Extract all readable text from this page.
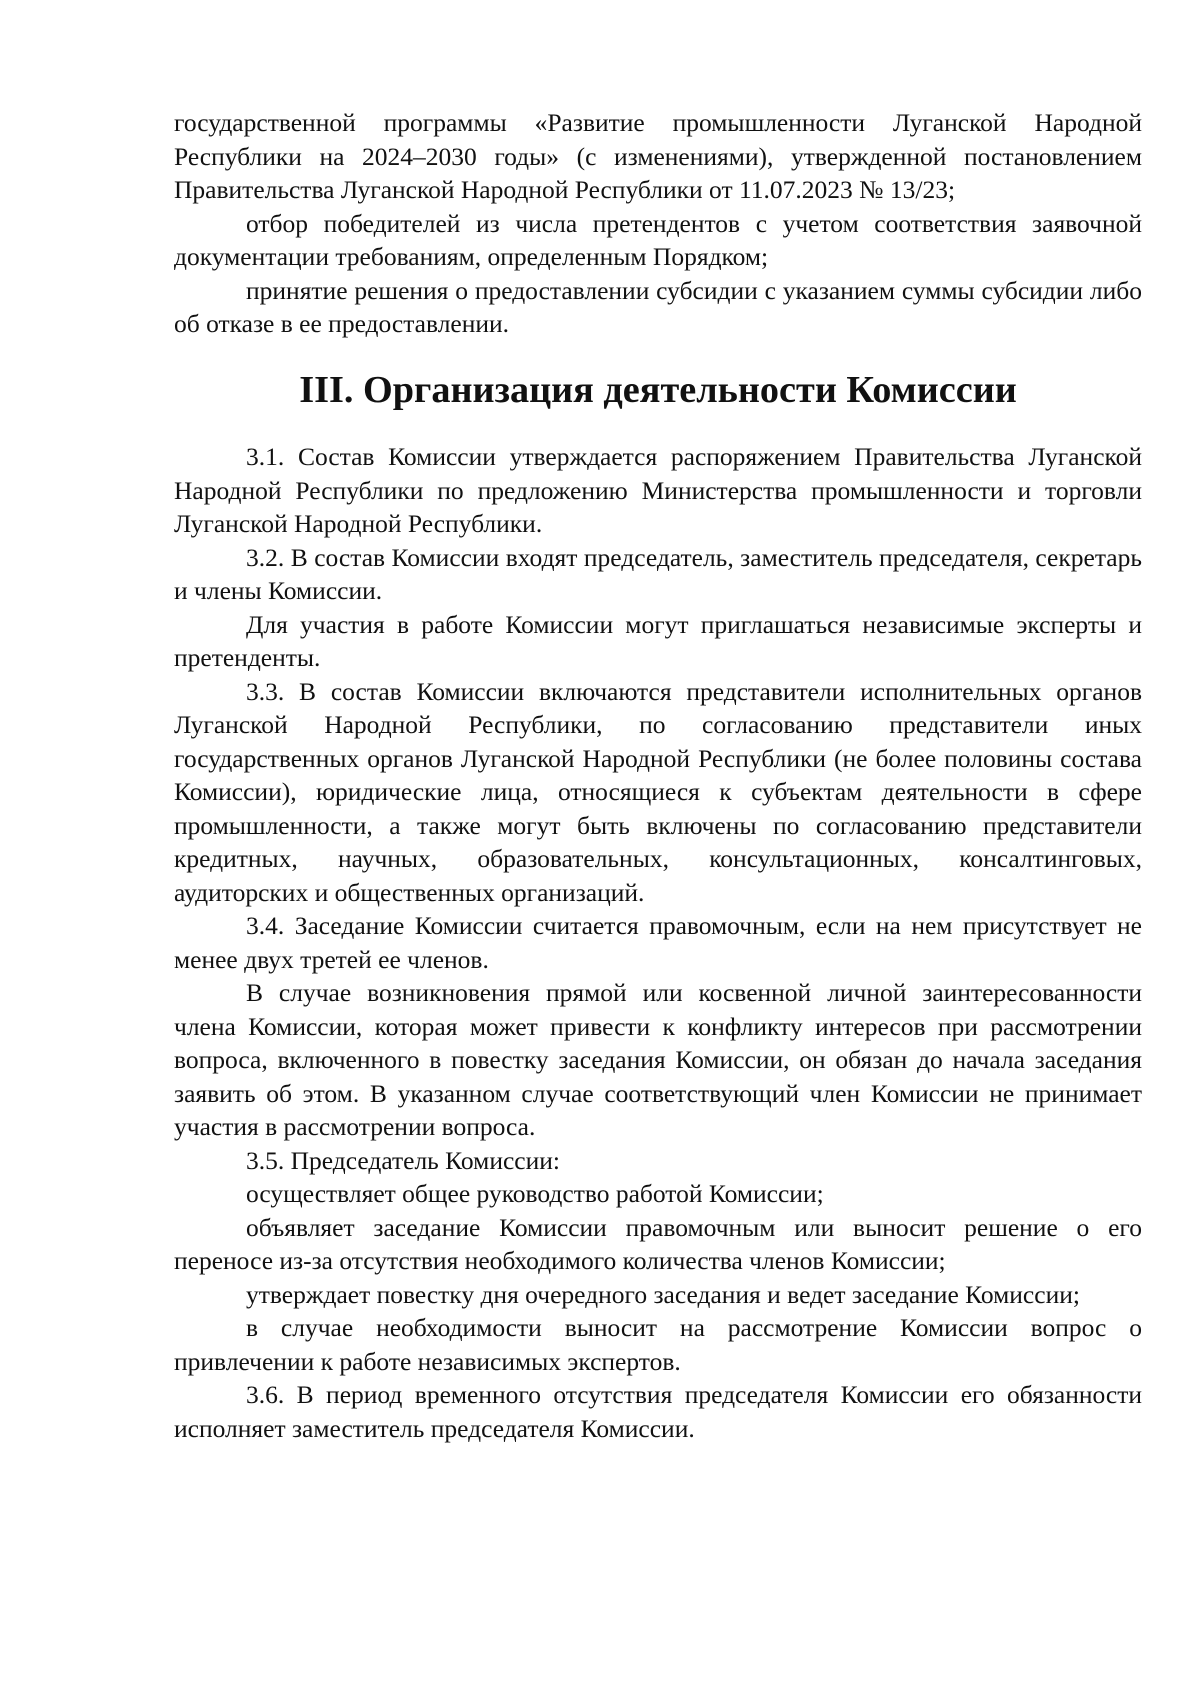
государственной программы «Развитие промышленности Луганской Народной Республики на 2024–2030 годы» (с изменениями), утвержденной постановлением Правительства Луганской Народной Республики от 11.07.2023 № 13/23;

отбор победителей из числа претендентов с учетом соответствия заявочной документации требованиям, определенным Порядком;

принятие решения о предоставлении субсидии с указанием суммы субсидии либо об отказе в ее предоставлении.

III. Организация деятельности Комиссии

3.1. Состав Комиссии утверждается распоряжением Правительства Луганской Народной Республики по предложению Министерства промышленности и торговли Луганской Народной Республики.

3.2. В состав Комиссии входят председатель, заместитель председателя, секретарь и члены Комиссии.

Для участия в работе Комиссии могут приглашаться независимые эксперты и претенденты.

3.3. В состав Комиссии включаются представители исполнительных органов Луганской Народной Республики, по согласованию представители иных государственных органов Луганской Народной Республики (не более половины состава Комиссии), юридические лица, относящиеся к субъектам деятельности в сфере промышленности, а также могут быть включены по согласованию представители кредитных, научных, образовательных, консультационных, консалтинговых, аудиторских и общественных организаций.

3.4. Заседание Комиссии считается правомочным, если на нем присутствует не менее двух третей ее членов.

В случае возникновения прямой или косвенной личной заинтересованности члена Комиссии, которая может привести к конфликту интересов при рассмотрении вопроса, включенного в повестку заседания Комиссии, он обязан до начала заседания заявить об этом. В указанном случае соответствующий член Комиссии не принимает участия в рассмотрении вопроса.

3.5. Председатель Комиссии:

осуществляет общее руководство работой Комиссии;

объявляет заседание Комиссии правомочным или выносит решение о его переносе из-за отсутствия необходимого количества членов Комиссии;

утверждает повестку дня очередного заседания и ведет заседание Комиссии;

в случае необходимости выносит на рассмотрение Комиссии вопрос о привлечении к работе независимых экспертов.

3.6. В период временного отсутствия председателя Комиссии его обязанности исполняет заместитель председателя Комиссии.
